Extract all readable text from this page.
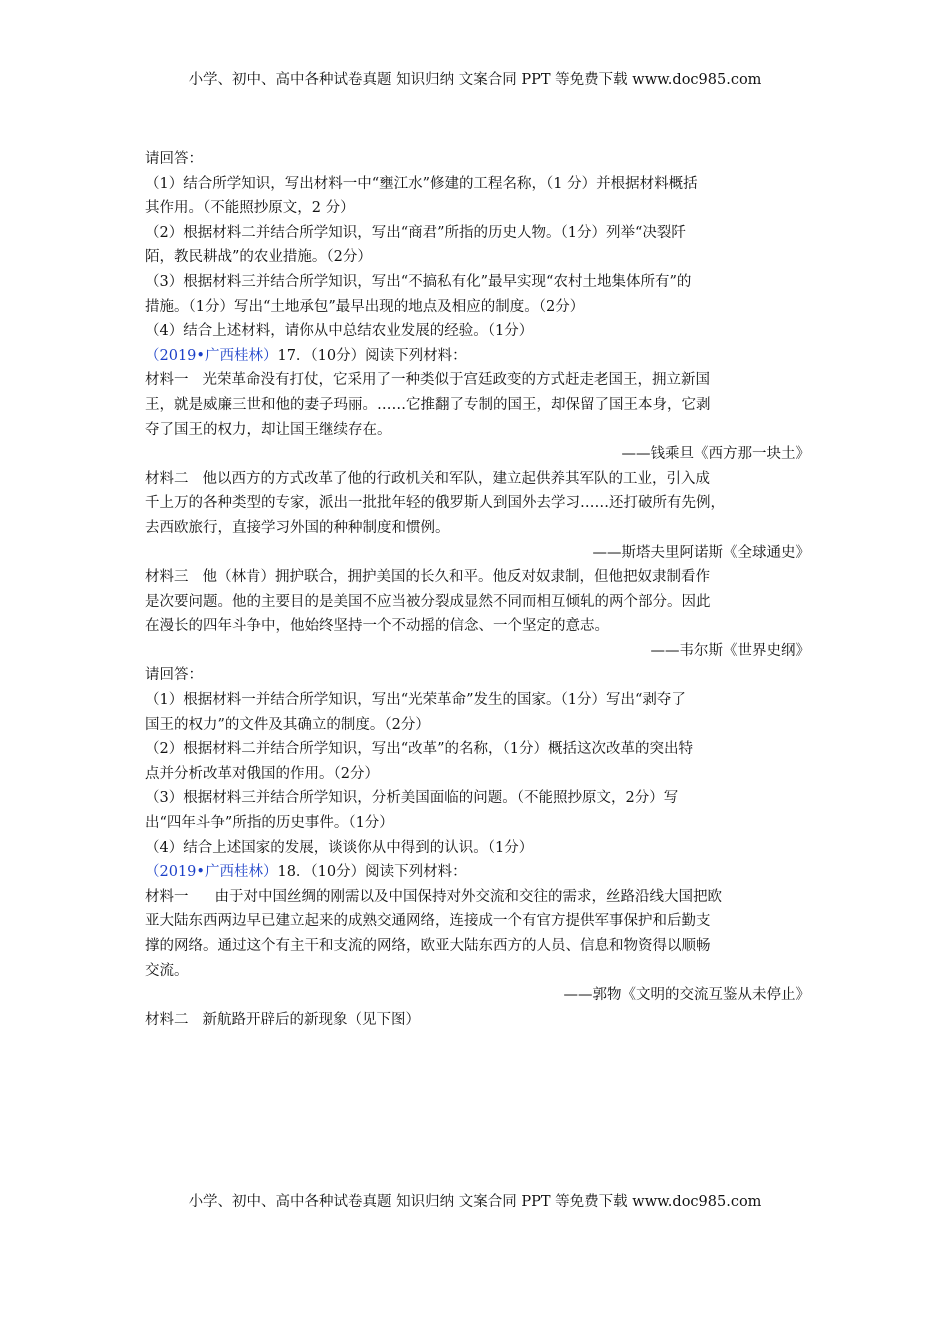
小学、初中、高中各种试卷真题 知识归纳 文案合同 PPT 等免费下载 www.doc985.com
请回答：
（1）结合所学知识，写出材料一中“壅江水”修建的工程名称，（1 分）并根据材料概括
其作用。（不能照抄原文，2 分）
（2）根据材料二并结合所学知识，写出“商君”所指的历史人物。（1分）列举“决裂阡
陌，教民耕战”的农业措施。（2分）
（3）根据材料三并结合所学知识，写出“不搞私有化”最早实现“农村土地集体所有”的
措施。（1分）写出“土地承包”最早出现的地点及相应的制度。（2分）
（4）结合上述材料，请你从中总结农业发展的经验。（1分）
（2019•广西桂林）17．（10分）阅读下列材料：
材料一 光荣革命没有打仗，它采用了一种类似于宫廷政变的方式赶走老国王，拥立新国
王，就是威廉三世和他的妻子玛丽。……它推翻了专制的国王，却保留了国王本身，它剥
夺了国王的权力，却让国王继续存在。
——钱乘旦《西方那一块土》
材料二 他以西方的方式改革了他的行政机关和军队，建立起供养其军队的工业，引入成
千上万的各种类型的专家，派出一批批年轻的俄罗斯人到国外去学习……还打破所有先例，
去西欧旅行，直接学习外国的种种制度和惯例。
——斯塔夫里阿诺斯《全球通史》
材料三 他（林肯）拥护联合，拥护美国的长久和平。他反对奴隶制，但他把奴隶制看作
是次要问题。他的主要目的是美国不应当被分裂成显然不同而相互倾轧的两个部分。因此
在漫长的四年斗争中，他始终坚持一个不动摇的信念、一个坚定的意志。
——韦尔斯《世界史纲》
请回答：
（1）根据材料一并结合所学知识，写出“光荣革命”发生的国家。（1分）写出“剥夺了
国王的权力”的文件及其确立的制度。（2分）
（2）根据材料二并结合所学知识，写出“改革”的名称，（1分）概括这次改革的突出特
点并分析改革对俄国的作用。（2分）
（3）根据材料三并结合所学知识，分析美国面临的问题。（不能照抄原文，2分）写
出“四年斗争”所指的历史事件。（1分）
（4）结合上述国家的发展，谈谈你从中得到的认识。（1分）
（2019•广西桂林）18．（10分）阅读下列材料：
材料一 由于对中国丝绸的刚需以及中国保持对外交流和交往的需求，丝路沿线大国把欧
亚大陆东西两边早已建立起来的成熟交通网络，连接成一个有官方提供军事保护和后勤支
撑的网络。通过这个有主干和支流的网络，欧亚大陆东西方的人员、信息和物资得以顺畅
交流。
——郭物《文明的交流互鉴从未停止》
材料二 新航路开辟后的新现象（见下图）
小学、初中、高中各种试卷真题 知识归纳 文案合同 PPT 等免费下载 www.doc985.com
